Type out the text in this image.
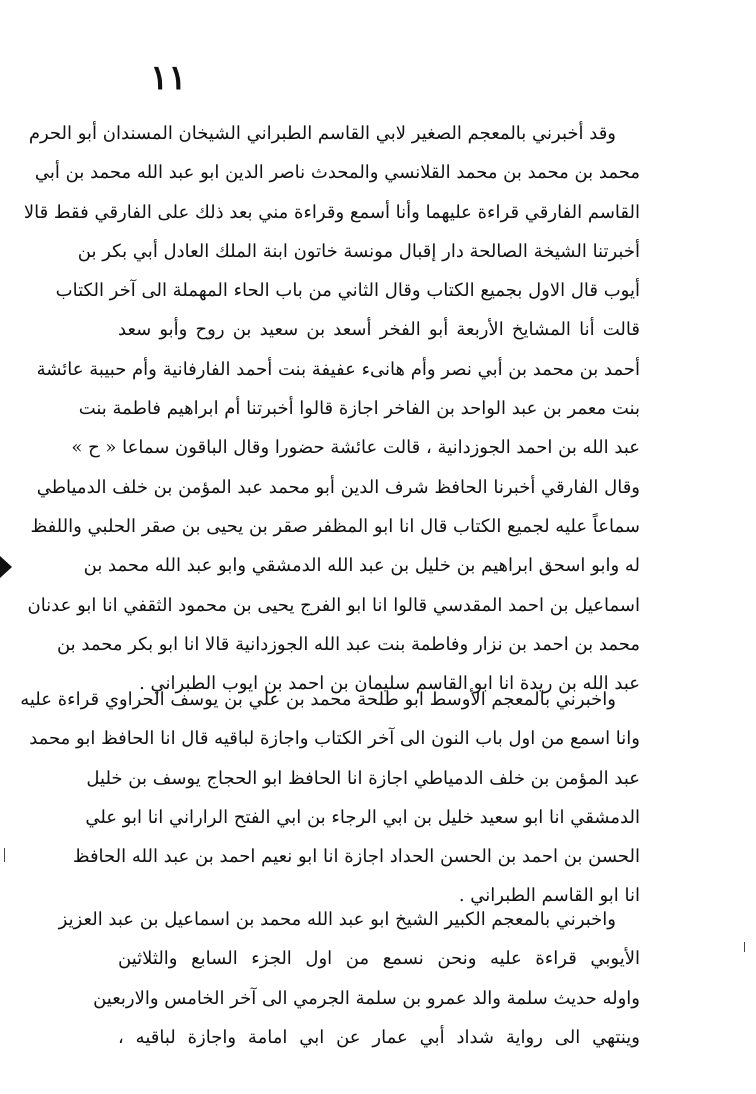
١١
وقد أخبرني بالمعجم الصغير لابي القاسم الطبراني الشيخان المسندان أبو الحرم
محمد بن محمد بن محمد القلانسي والمحدث ناصر الدين ابو عبد الله محمد بن أبي
القاسم الفارقي قراءة عليهما وأنا أسمع وقراءة مني بعد ذلك على الفارقي فقط قالا
أخبرتنا الشيخة الصالحة دار إقبال مونسة خاتون ابنة الملك العادل أبي بكر بن
أيوب قال الاول بجميع الكتاب وقال الثاني من باب الحاء المهملة الى آخر الكتاب
قالت أنا المشايخ الأربعة أبو الفخر أسعد بن سعيد بن روح وأبو سعد
أحمد بن محمد بن أبي نصر وأم هانىء عفيفة بنت أحمد الفارفانية وأم حبيبة عائشة
بنت معمر بن عبد الواحد بن الفاخر اجازة قالوا أخبرتنا أم ابراهيم فاطمة بنت
عبد الله بن احمد الجوزدانية ، قالت عائشة حضورا وقال الباقون سماعا « ح »
وقال الفارقي أخبرنا الحافظ شرف الدين أبو محمد عبد المؤمن بن خلف الدمياطي
سماعاً عليه لجميع الكتاب قال انا ابو المظفر صقر بن يحيى بن صقر الحلبي واللفظ
له وابو اسحق ابراهيم بن خليل بن عبد الله الدمشقي وابو عبد الله محمد بن
اسماعيل بن احمد المقدسي قالوا انا ابو الفرج يحيى بن محمود الثقفي انا ابو عدنان
محمد بن احمد بن نزار وفاطمة بنت عبد الله الجوزدانية قالا انا ابو بكر محمد بن
عبد الله بن ريدة انا ابو القاسم سليمان بن احمد بن ايوب الطبراني .
واخبرني بالمعجم الأوسط ابو طلحة محمد بن علي بن يوسف الحراوي قراءة عليه
وانا اسمع من اول باب النون الى آخر الكتاب واجازة لباقيه قال انا الحافظ ابو محمد
عبد المؤمن بن خلف الدمياطي اجازة انا الحافظ ابو الحجاج يوسف بن خليل
الدمشقي انا ابو سعيد خليل بن ابي الرجاء بن ابي الفتح الراراني انا ابو علي
الحسن بن احمد بن الحسن الحداد اجازة انا ابو نعيم احمد بن عبد الله الحافظ
انا ابو القاسم الطبراني .
واخبرني بالمعجم الكبير الشيخ ابو عبد الله محمد بن اسماعيل بن عبد العزيز
الأيوبي قراءة عليه ونحن نسمع من اول الجزء السابع والثلاثين
واوله حديث سلمة والد عمرو بن سلمة الجرمي الى آخر الخامس والاربعين
وينتهي الى رواية شداد أبي عمار عن ابي امامة واجازة لباقيه ،
